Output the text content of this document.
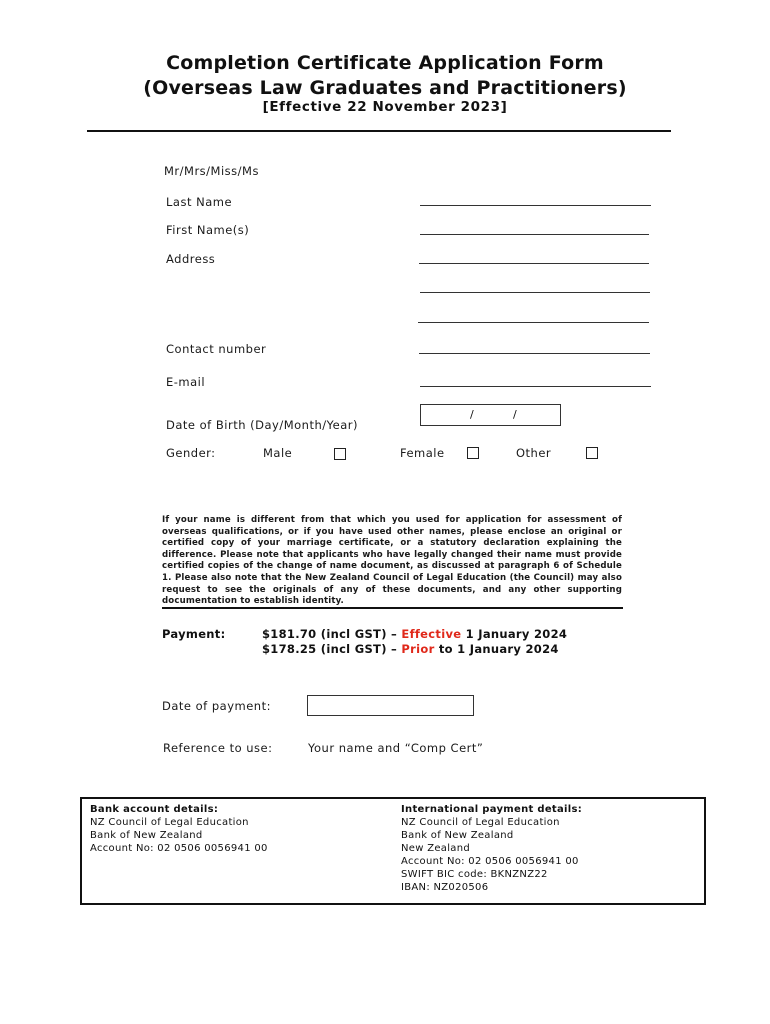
Completion Certificate Application Form
(Overseas Law Graduates and Practitioners)
[Effective 22 November 2023]
Mr/Mrs/Miss/Ms
Last Name
First Name(s)
Address
Contact number
E-mail
Date of Birth (Day/Month/Year)
/	/
Gender:	Male	Female	Other
If your name is different from that which you used for application for assessment of overseas qualifications, or if you have used other names, please enclose an original or certified copy of your marriage certificate, or a statutory declaration explaining the difference. Please note that applicants who have legally changed their name must provide certified copies of the change of name document, as discussed at paragraph 6 of Schedule 1. Please also note that the New Zealand Council of Legal Education (the Council) may also request to see the originals of any of these documents, and any other supporting documentation to establish identity.
Payment:	$181.70 (incl GST) – Effective 1 January 2024
$178.25 (incl GST) – Prior to 1 January 2024
Date of payment:
Reference to use:	Your name and “Comp Cert”
Bank account details:
NZ Council of Legal Education
Bank of New Zealand
Account No: 02 0506 0056941 00
International payment details:
NZ Council of Legal Education
Bank of New Zealand
New Zealand
Account No: 02 0506 0056941 00
SWIFT BIC code: BKNZNZ22
IBAN: NZ020506
